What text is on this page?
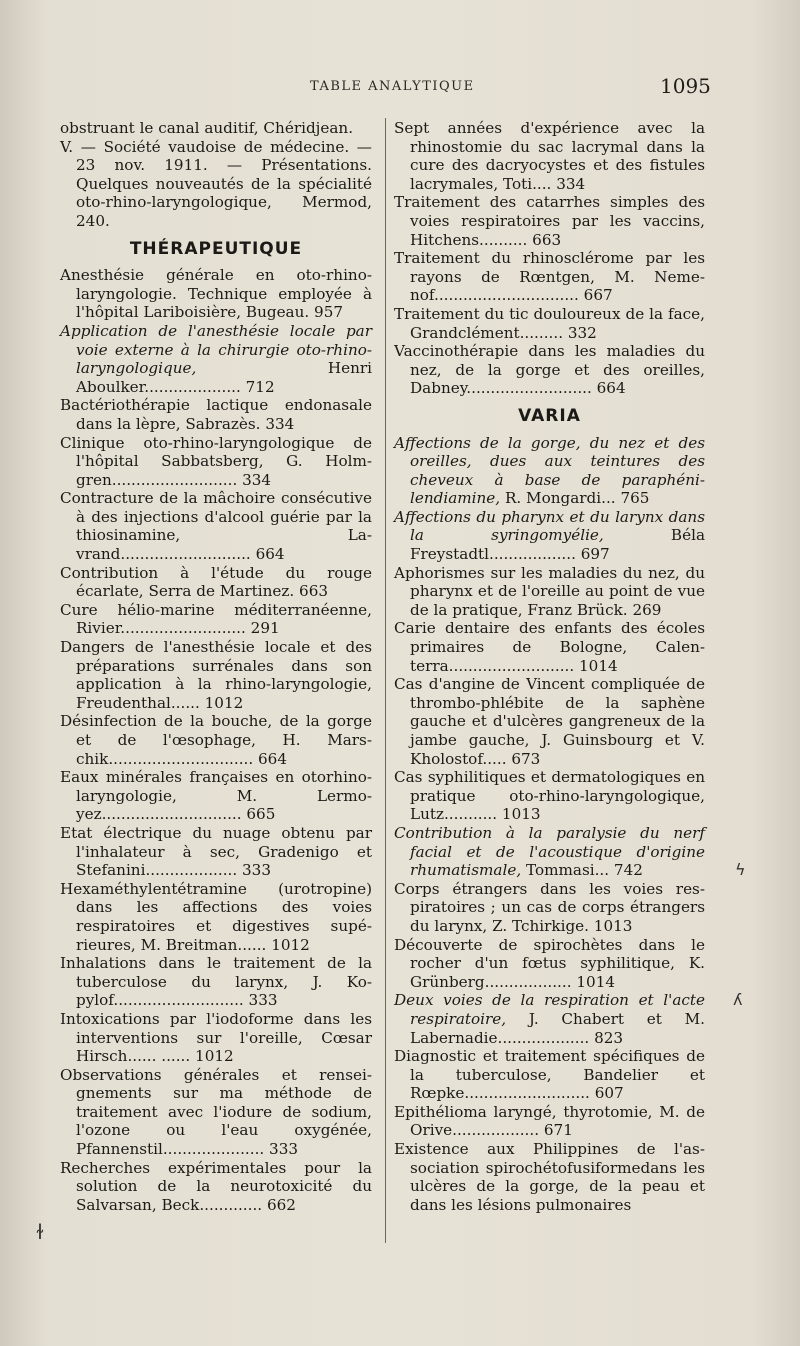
TABLE ANALYTIQUE	1095

obstruant le canal auditif, Chéridjean.

V. — Société vaudoise de médecine. — 23 nov. 1911. — Présentations. Quelques nouveautés de la spécialité oto-rhino-laryngologique, Mermod, 240.

THÉRAPEUTIQUE

Anesthésie générale en oto-rhinolaryngologie. Technique employée à l'hôpital Lariboisière, Bugeau. 957

Application de l'anesthésie locale par voie externe à la chirurgie oto-rhino-laryngologique, Henri Aboulker.................... 712

Bactériothérapie lactique endonasale dans la lèpre, Sabrazès. 334

Clinique oto-rhino-laryngologique de l'hôpital Sabbatsberg, G. Holmgren.......................... 334

Contracture de la mâchoire consécutive à des injections d'alcool guérie par la thiosinamine, Lavrand........................... 664

Contribution à l'étude du rouge écarlate, Serra de Martinez. 663

Cure hélio-marine méditerranéenne, Rivier.......................... 291

Dangers de l'anesthésie locale et des préparations surrénales dans son application à la rhino-laryngologie, Freudenthal...... 1012

Désinfection de la bouche, de la gorge et de l'œsophage, H. Marschik.............................. 664

Eaux minérales françaises en otorhino-laryngologie, M. Lermoyez............................. 665

Etat électrique du nuage obtenu par l'inhalateur à sec, Gradenigo et Stefanini................... 333

Hexaméthylentétramine (urotropine) dans les affections des voies respiratoires et digestives supérieures, M. Breitman...... 1012

Inhalations dans le traitement de la tuberculose du larynx, J. Kopylof........................... 333

Intoxications par l'iodoforme dans les interventions sur l'oreille, Cœsar Hirsch...... ...... 1012

Observations générales et renseignements sur ma méthode de traitement avec l'iodure de sodium, l'ozone ou l'eau oxygénée, Pfannenstil..................... 333

Recherches expérimentales pour la solution de la neurotoxicité du Salvarsan, Beck............. 662

Sept années d'expérience avec la rhinostomie du sac lacrymal dans la cure des dacryocystes et des fistules lacrymales, Toti.... 334

Traitement des catarrhes simples des voies respiratoires par les vaccins, Hitchens.......... 663

Traitement du rhinosclérome par les rayons de Rœntgen, M. Nemenof.............................. 667

Traitement du tic douloureux de la face, Grandclément......... 332

Vaccinothérapie dans les maladies du nez, de la gorge et des oreilles, Dabney.......................... 664

VARIA

Affections de la gorge, du nez et des oreilles, dues aux teintures des cheveux à base de paraphénilendiamine, R. Mongardi... 765

Affections du pharynx et du larynx dans la syringomyélie, Béla Freystadtl.................. 697

Aphorismes sur les maladies du nez, du pharynx et de l'oreille au point de vue de la pratique, Franz Brück. 269

Carie dentaire des enfants des écoles primaires de Bologne, Calenterra.......................... 1014

Cas d'angine de Vincent compliquée de thrombo-phlébite de la saphène gauche et d'ulcères gangreneux de la jambe gauche, J. Guinsbourg et V. Kholostof..... 673

Cas syphilitiques et dermatologiques en pratique oto-rhino-laryngologique, Lutz........... 1013

Contribution à la paralysie du nerf facial et de l'acoustique d'origine rhumatismale, Tommasi... 742

Corps étrangers dans les voies respiratoires ; un cas de corps étrangers du larynx, Z. Tchirkige. 1013

Découverte de spirochètes dans le rocher d'un fœtus syphilitique, K. Grünberg.................. 1014

Deux voies de la respiration et l'acte respiratoire, J. Chabert et M. Labernadie................... 823

Diagnostic et traitement spécifiques de la tuberculose, Bandelier et Rœpke.......................... 607

Epithélioma laryngé, thyrotomie, M. de Orive.................. 671

Existence aux Philippines de l'association spirochétofusiformedans les ulcères de la gorge, de la peau et dans les lésions pulmonaires

ɫ
ϟ
ʎ
